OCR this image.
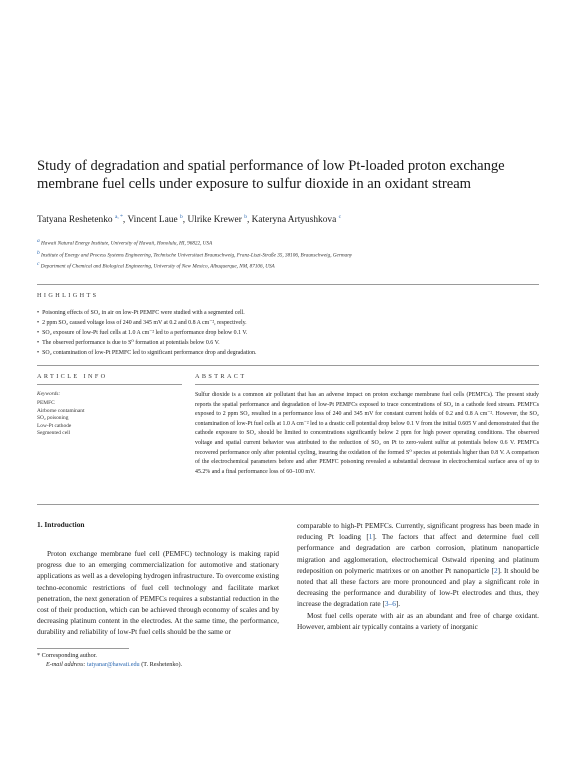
Study of degradation and spatial performance of low Pt-loaded proton exchange membrane fuel cells under exposure to sulfur dioxide in an oxidant stream
Tatyana Reshetenko $^{a, *}$, Vincent Laue $^b$, Ulrike Krewer $^b$, Kateryna Artyushkova $^c$
$^a$ Hawaii Natural Energy Institute, University of Hawaii, Honolulu, HI, 96822, USA
$^b$ Institute of Energy and Process Systems Engineering, Technische Universitaet Braunschweig, Franz-Liszt-Straße 35, 38106, Braunschweig, Germany
$^c$ Department of Chemical and Biological Engineering, University of New Mexico, Albuquerque, NM, 87106, USA
HIGHLIGHTS
• Poisoning effects of SO₂ in air on low-Pt PEMFC were studied with a segmented cell.
• 2 ppm SO₂ caused voltage loss of 240 and 345 mV at 0.2 and 0.8 A cm⁻², respectively.
• SO₂ exposure of low-Pt fuel cells at 1.0 A cm⁻² led to a performance drop below 0.1 V.
• The observed performance is due to S⁰ formation at potentials below 0.6 V.
• SO₂ contamination of low-Pt PEMFC led to significant performance drop and degradation.
ARTICLE INFO	ABSTRACT
Keywords:
PEMFC
Airborne contaminant
SO₂ poisoning
Low-Pt cathode
Segmented cell

Sulfur dioxide is a common air pollutant that has an adverse impact on proton exchange membrane fuel cells (PEMFCs). The present study reports the spatial performance and degradation of low-Pt PEMFCs exposed to trace concentrations of SO₂ in a cathode feed stream. PEMFCs exposed to 2 ppm SO₂ resulted in a performance loss of 240 and 345 mV for constant current holds of 0.2 and 0.8 A cm⁻². However, the SO₂ contamination of low-Pt fuel cells at 1.0 A cm⁻² led to a drastic cell potential drop below 0.1 V from the initial 0.605 V and demonstrated that the cathode exposure to SO₂ should be limited to concentrations significantly below 2 ppm for high power operating conditions. The observed voltage and spatial current behavior was attributed to the reduction of SO₂ on Pt to zero-valent sulfur at potentials below 0.6 V. PEMFCs recovered performance only after potential cycling, insuring the oxidation of the formed S⁰ species at potentials higher than 0.8 V. A comparison of the electrochemical parameters before and after PEMFC poisoning revealed a substantial decrease in electrochemical surface area of up to 45.2% and a final performance loss of 60–100 mV.

1. Introduction

Proton exchange membrane fuel cell (PEMFC) technology is making rapid progress due to an emerging commercialization for automotive and stationary applications as well as a developing hydrogen infrastructure. To overcome existing techno-economic restrictions of fuel cell technology and facilitate market penetration, the next generation of PEMFCs requires a substantial reduction in the cost of their production, which can be achieved through economy of scales and by decreasing platinum content in the electrodes. At the same time, the performance, durability and reliability of low-Pt fuel cells should be the same or

comparable to high-Pt PEMFCs. Currently, significant progress has been made in reducing Pt loading [1]. The factors that affect and determine fuel cell performance and degradation are carbon corrosion, platinum nanoparticle migration and agglomeration, electrochemical Ostwald ripening and platinum redeposition on polymeric matrixes or on another Pt nanoparticle [2]. It should be noted that all these factors are more pronounced and play a significant role in decreasing the performance and durability of low-Pt electrodes and thus, they increase the degradation rate [3–6].

Most fuel cells operate with air as an abundant and free of charge oxidant. However, ambient air typically contains a variety of inorganic

* Corresponding author.
E-mail address: tatyanar@hawaii.edu (T. Reshetenko).
